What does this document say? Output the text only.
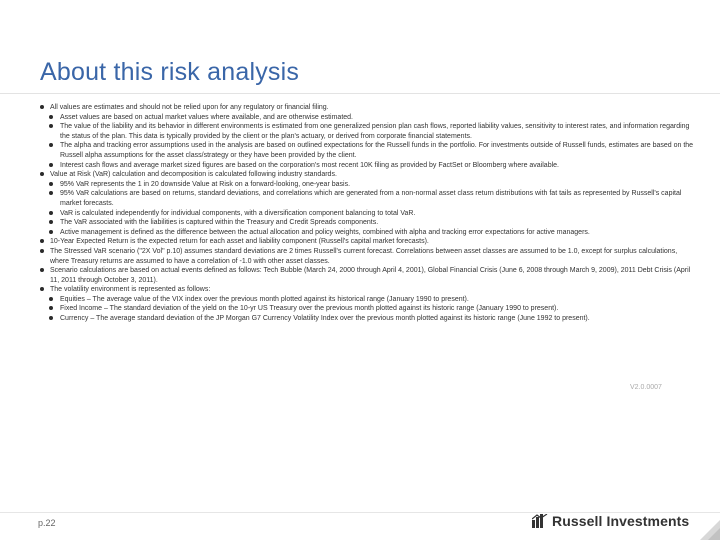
About this risk analysis
All values are estimates and should not be relied upon for any regulatory or financial filing.
Asset values are based on actual market values where available, and are otherwise estimated.
The value of the liability and its behavior in different environments is estimated from one generalized pension plan cash flows, reported liability values, sensitivity to interest rates, and information regarding the status of the plan. This data is typically provided by the client or the plan's actuary, or derived from corporate financial statements.
The alpha and tracking error assumptions used in the analysis are based on outlined expectations for the Russell funds in the portfolio. For investments outside of Russell funds, estimates are based on the Russell alpha assumptions for the asset class/strategy or they have been provided by the client.
Interest cash flows and average market sized figures are based on the corporation's most recent 10K filing as provided by FactSet or Bloomberg where available.
Value at Risk (VaR) calculation and decomposition is calculated following industry standards.
95% VaR represents the 1 in 20 downside Value at Risk on a forward-looking, one-year basis.
95% VaR calculations are based on returns, standard deviations, and correlations which are generated from a non-normal asset class return distributions with fat tails as represented by Russell's capital market forecasts.
VaR is calculated independently for individual components, with a diversification component balancing to total VaR.
The VaR associated with the liabilities is captured within the Treasury and Credit Spreads components.
Active management is defined as the difference between the actual allocation and policy weights, combined with alpha and tracking error expectations for active managers.
10-Year Expected Return is the expected return for each asset and liability component (Russell's capital market forecasts).
The Stressed VaR scenario ("2X Vol" p.10) assumes standard deviations are 2 times Russell's current forecast. Correlations between asset classes are assumed to be 1.0, except for surplus calculations, where Treasury returns are assumed to have a correlation of -1.0 with other asset classes.
Scenario calculations are based on actual events defined as follows: Tech Bubble (March 24, 2000 through April 4, 2001), Global Financial Crisis (June 6, 2008 through March 9, 2009), 2011 Debt Crisis (April 11, 2011 through October 3, 2011).
The volatility environment is represented as follows:
Equities – The average value of the VIX index over the previous month plotted against its historical range (January 1990 to present).
Fixed Income – The standard deviation of the yield on the 10-yr US Treasury over the previous month plotted against its historic range (January 1990 to present).
Currency – The average standard deviation of the JP Morgan G7 Currency Volatility Index over the previous month plotted against its historic range (June 1992 to present).
V2.0.0007
p.22	Russell Investments
